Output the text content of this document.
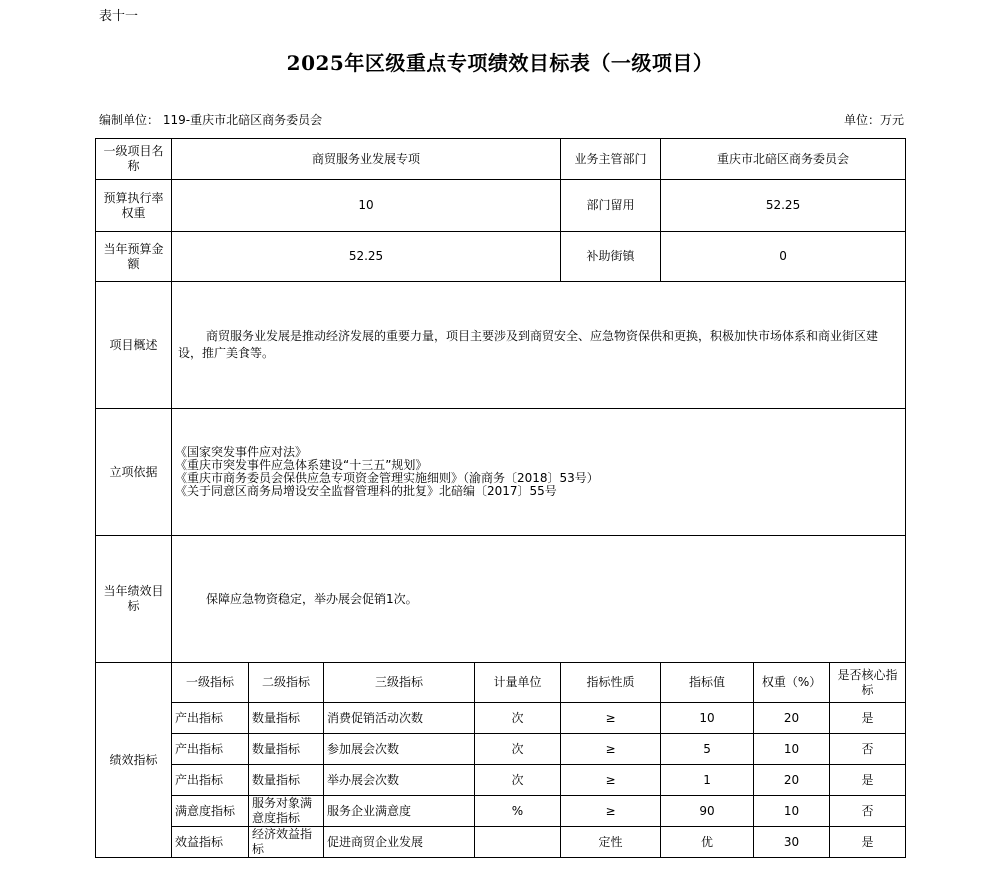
表十一
2025年区级重点专项绩效目标表（一级项目）
编制单位： 119-重庆市北碚区商务委员会	单位：万元
一级项目名称	商贸服务业发展专项				业务主管部门	重庆市北碚区商务委员会		
预算执行率权重	10				部门留用	52.25		
当年预算金额	52.25				补助街镇	0		
项目概述	商贸服务业发展是推动经济发展的重要力量，项目主要涉及到商贸安全、应急物资保供和更换，积极加快市场体系和商业街区建设，推广美食等。							

立项依据	《国家突发事件应对法》
《重庆市突发事件应急体系建设“十三五”规划》
《重庆市商务委员会保供应急专项资金管理实施细则》（渝商务〔2018〕53号）
《关于同意区商务局增设安全监督管理科的批复》北碚编〔2017〕55号							

当年绩效目标	保障应急物资稳定，举办展会促销1次。							

绩效指标	一级指标	二级指标	三级指标	计量单位	指标性质	指标值	权重（%）	是否核心指标
	产出指标	数量指标	消费促销活动次数	次	≥	10	20	是
	产出指标	数量指标	参加展会次数	次	≥	5	10	否
	产出指标	数量指标	举办展会次数	次	≥	1	20	是
	满意度指标	服务对象满意度指标	服务企业满意度	%	≥	90	10	否
	效益指标	经济效益指标	促进商贸企业发展		定性	优	30	是
